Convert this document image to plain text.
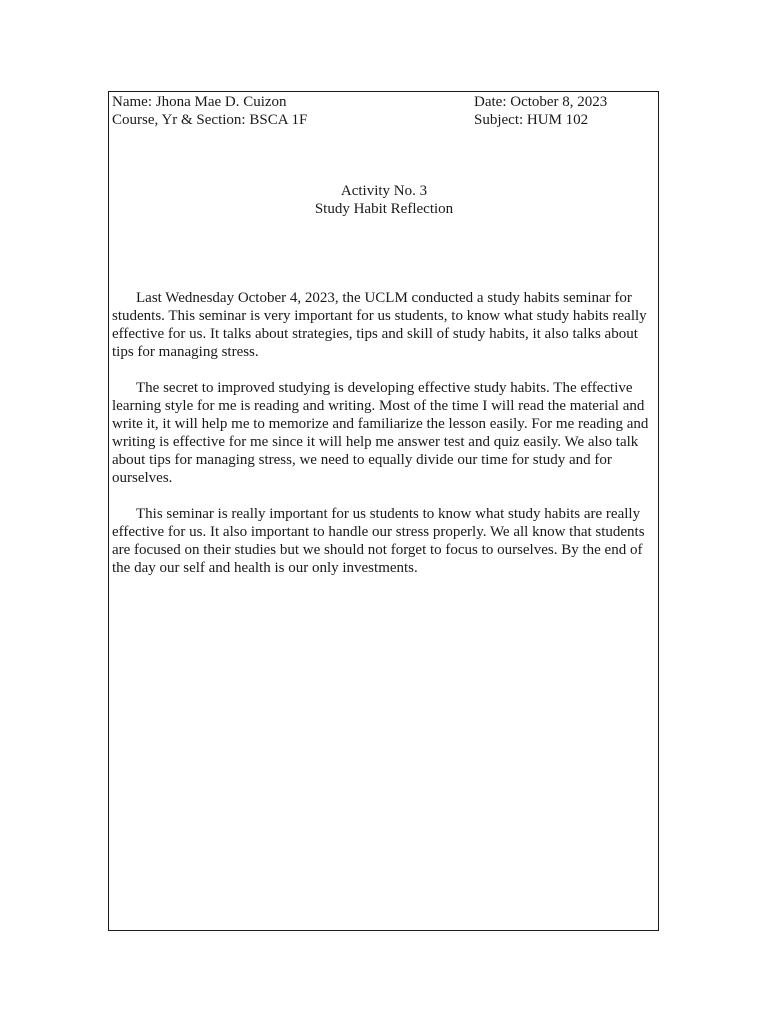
Name: Jhona Mae D. Cuizon	Date: October 8, 2023
Course, Yr & Section: BSCA 1F	Subject: HUM 102
Activity No. 3
Study Habit Reflection

Last Wednesday October 4, 2023, the UCLM conducted a study habits seminar for students. This seminar is very important for us students, to know what study habits really effective for us. It talks about strategies, tips and skill of study habits, it also talks about tips for managing stress.

The secret to improved studying is developing effective study habits. The effective learning style for me is reading and writing. Most of the time I will read the material and write it, it will help me to memorize and familiarize the lesson easily. For me reading and writing is effective for me since it will help me answer test and quiz easily. We also talk about tips for managing stress, we need to equally divide our time for study and for ourselves.

This seminar is really important for us students to know what study habits are really effective for us. It also important to handle our stress properly. We all know that students are focused on their studies but we should not forget to focus to ourselves. By the end of the day our self and health is our only investments.
